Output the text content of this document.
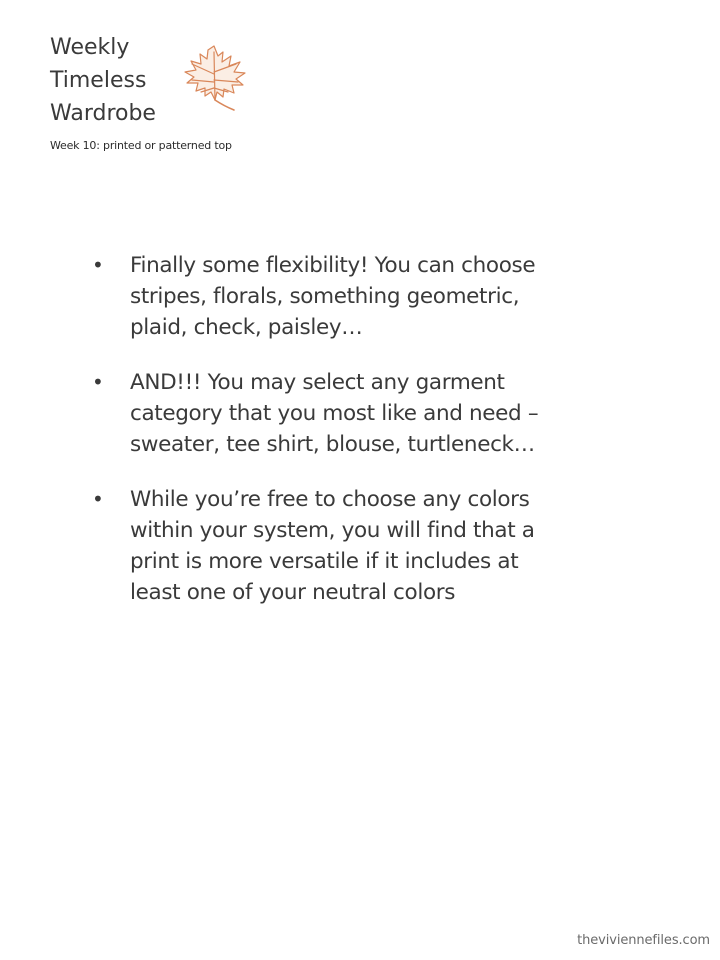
Weekly
Timeless
Wardrobe
Week 10: printed or patterned top
•	Finally some flexibility! You can choose
stripes, florals, something geometric,
plaid, check, paisley…
•	AND!!! You may select any garment
category that you most like and need –
sweater, tee shirt, blouse, turtleneck…
•	While you’re free to choose any colors
within your system, you will find that a
print is more versatile if it includes at
least one of your neutral colors
theviviennefiles.com
